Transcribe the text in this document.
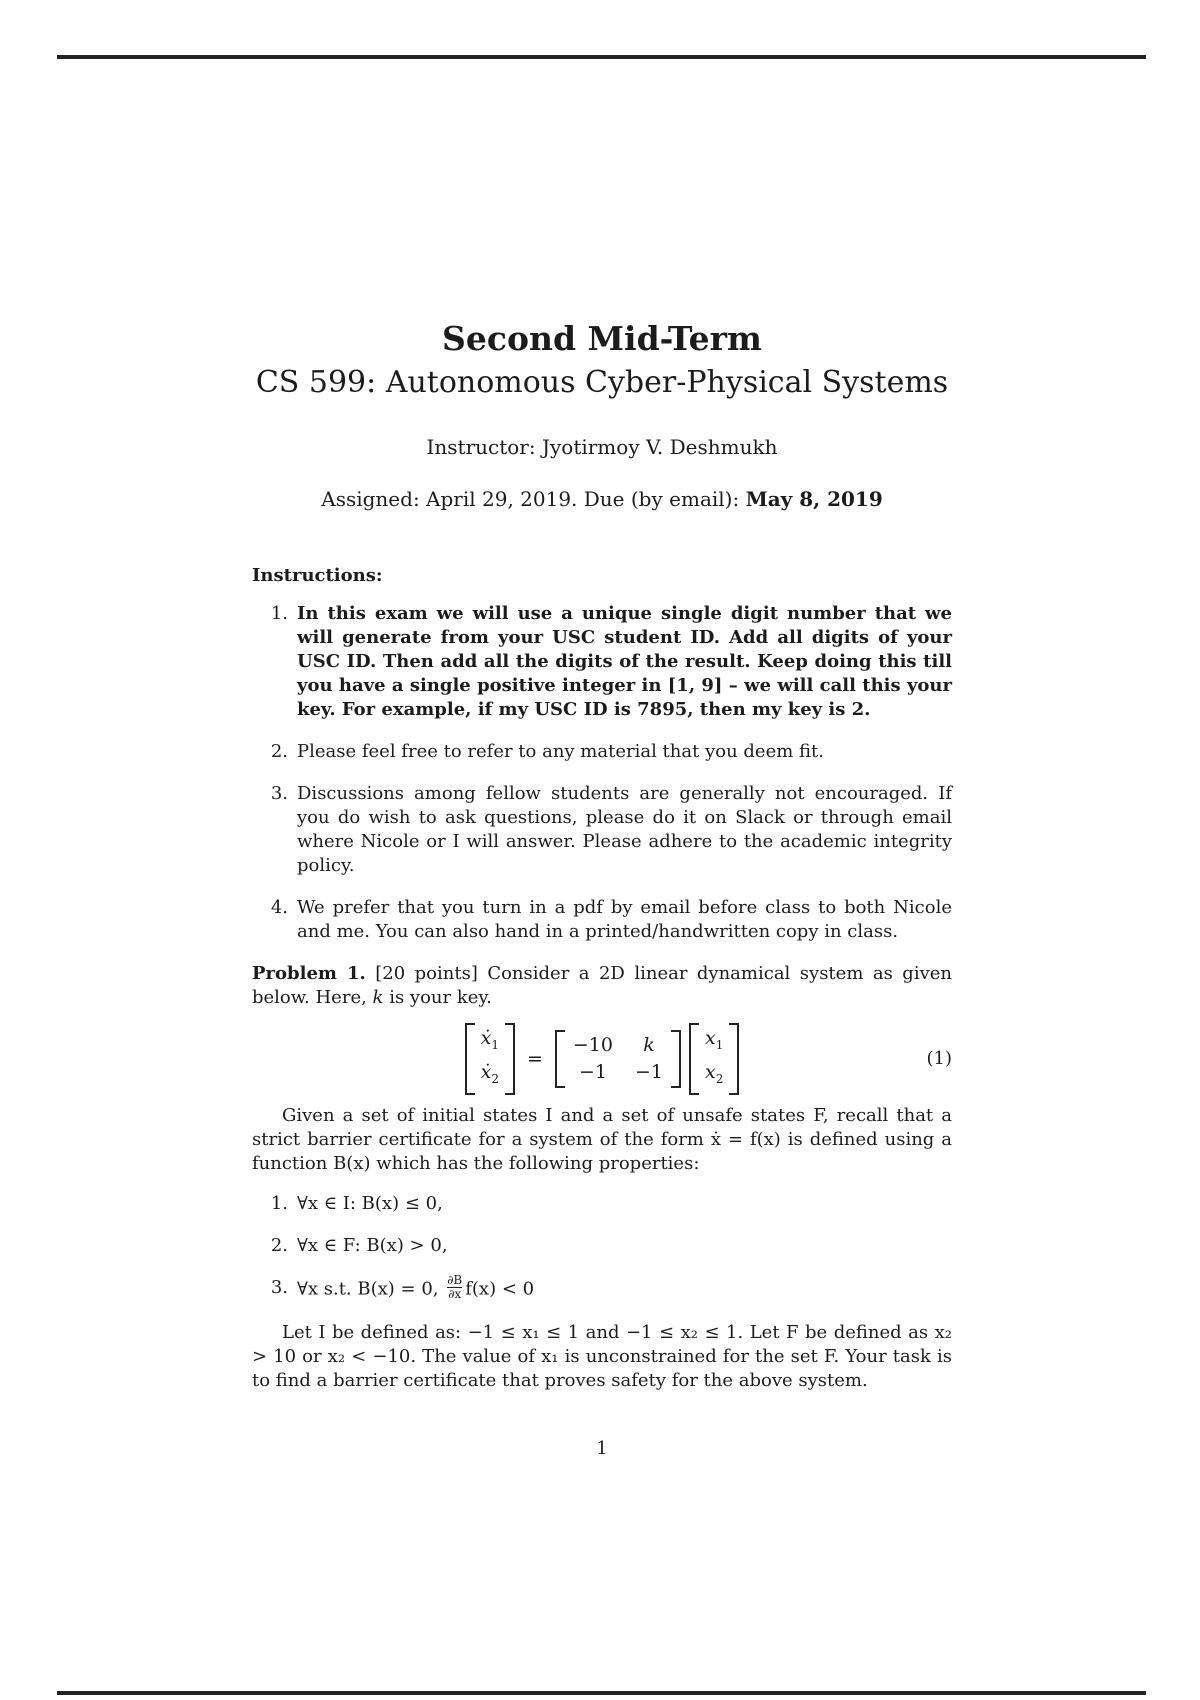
Second Mid-Term
CS 599: Autonomous Cyber-Physical Systems
Instructor: Jyotirmoy V. Deshmukh
Assigned: April 29, 2019. Due (by email): May 8, 2019
Instructions:
1. In this exam we will use a unique single digit number that we will generate from your USC student ID. Add all digits of your USC ID. Then add all the digits of the result. Keep doing this till you have a single positive integer in [1, 9] – we will call this your key. For example, if my USC ID is 7895, then my key is 2.
2. Please feel free to refer to any material that you deem fit.
3. Discussions among fellow students are generally not encouraged. If you do wish to ask questions, please do it on Slack or through email where Nicole or I will answer. Please adhere to the academic integrity policy.
4. We prefer that you turn in a pdf by email before class to both Nicole and me. You can also hand in a printed/handwritten copy in class.
Problem 1. [20 points] Consider a 2D linear dynamical system as given below. Here, k is your key.
ẋ$_1$
ẋ$_2$
=
−10
−1
k
−1
$x_1$
$x_2$
(1)
Given a set of initial states I and a set of unsafe states F, recall that a strict barrier certificate for a system of the form ẋ = f(x) is defined using a function B(x) which has the following properties:
1. ∀x ∈ I: B(x) ≤ 0,
2. ∀x ∈ F: B(x) > 0,
3. ∀x s.t. B(x) = 0, $\frac{\partial B}{\partial x} f(x) < 0$
Let I be defined as: −1 ≤ x₁ ≤ 1 and −1 ≤ x₂ ≤ 1. Let F be defined as x₂ > 10 or x₂ < −10. The value of x₁ is unconstrained for the set F. Your task is to find a barrier certificate that proves safety for the above system.
1
